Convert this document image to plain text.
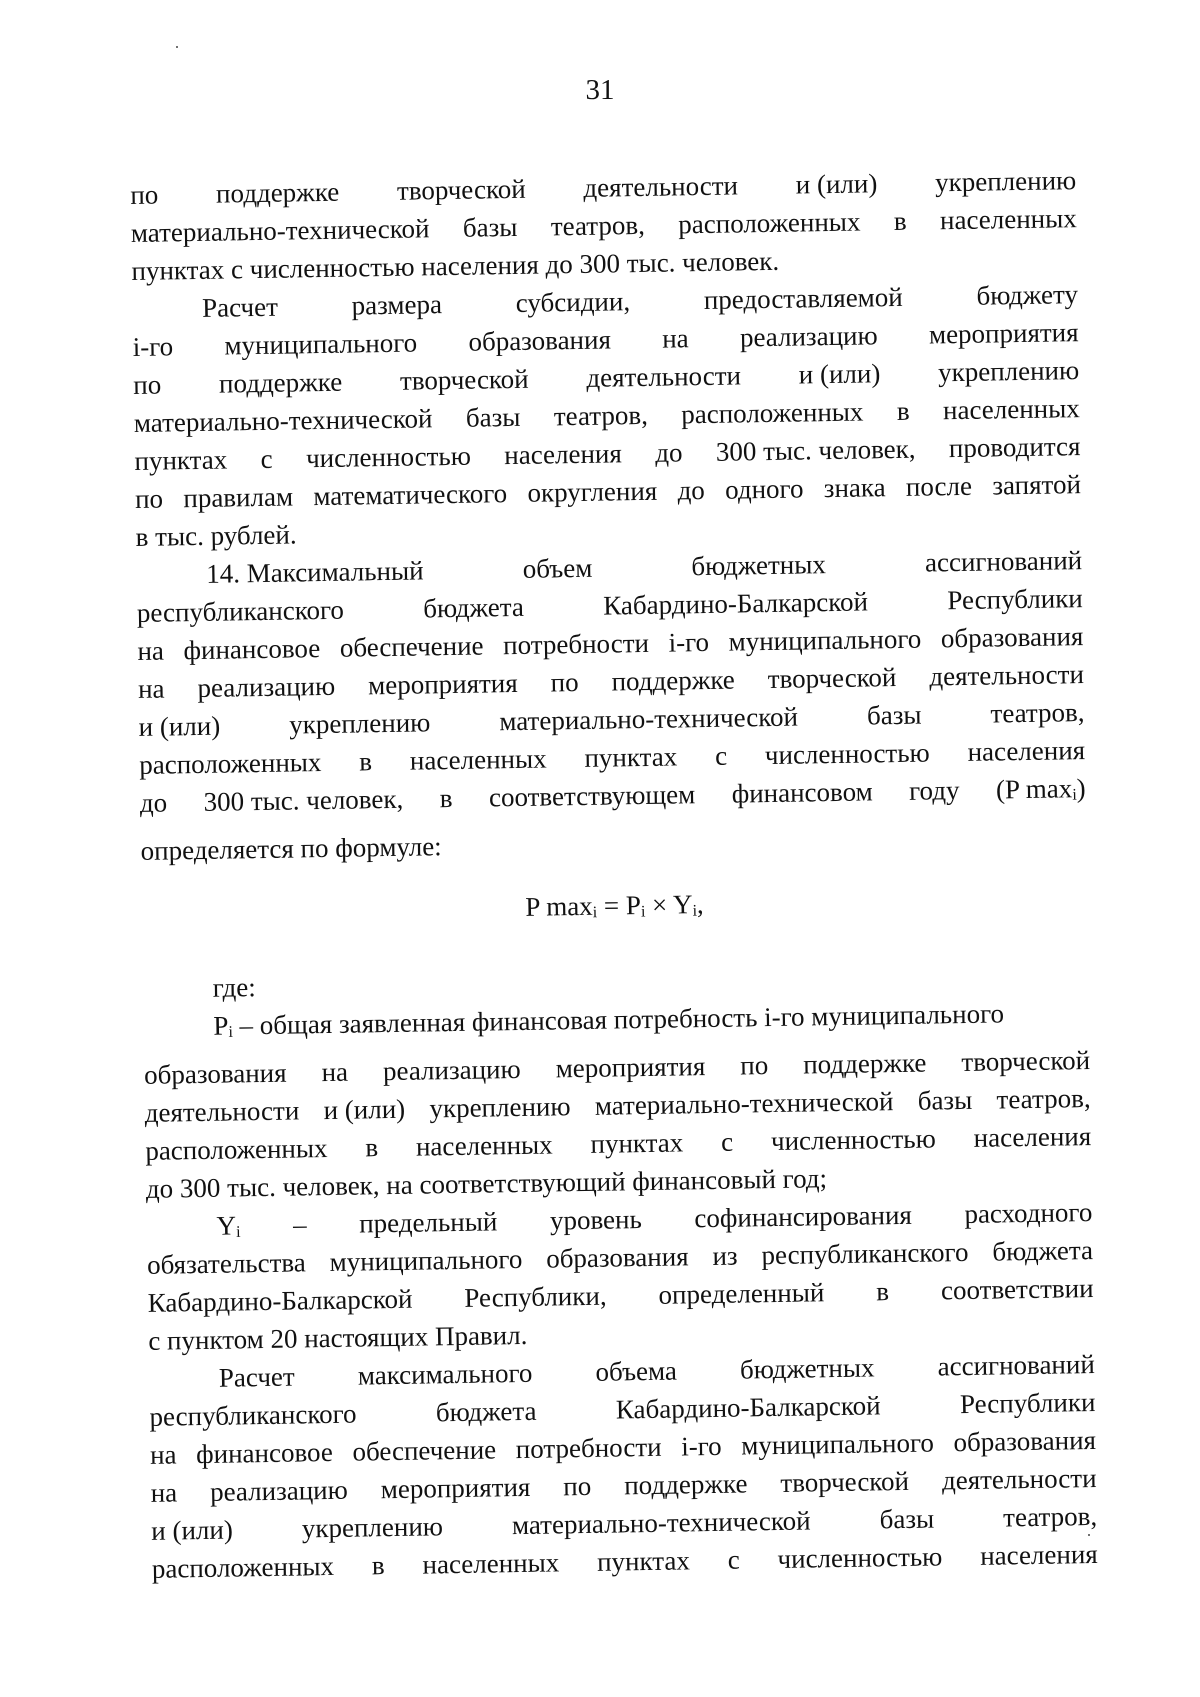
31
по поддержке творческой деятельности и (или) укреплению
материально-технической базы театров, расположенных в населенных
пунктах с численностью населения до 300 тыс. человек.
Расчет	размера	субсидии,	предоставляемой	бюджету
i-го муниципального образования на реализацию мероприятия
по поддержке творческой деятельности и (или) укреплению
материально-технической базы театров, расположенных в населенных
пунктах с численностью населения до 300 тыс. человек, проводится
по правилам математического округления до одного знака после запятой
в тыс. рублей.
14. Максимальный	объем	бюджетных	ассигнований
республиканского	бюджета	Кабардино-Балкарской	Республики
на финансовое обеспечение потребности i-го муниципального образования
на реализацию мероприятия по поддержке творческой деятельности
и (или)	укреплению	материально-технической	базы	театров,
расположенных в населенных пунктах с численностью населения
до 300 тыс. человек, в соответствующем финансовом году (P maxᵢ)
определяется по формуле:
P maxᵢ = Pᵢ × Yᵢ,
где:
Pᵢ – общая заявленная финансовая потребность i-го муниципального
образования на реализацию мероприятия по поддержке творческой
деятельности и (или) укреплению материально-технической базы театров,
расположенных в населенных пунктах с численностью населения
до 300 тыс. человек, на соответствующий финансовый год;
Yᵢ – предельный уровень софинансирования расходного
обязательства муниципального образования из республиканского бюджета
Кабардино-Балкарской Республики, определенный в соответствии
с пунктом 20 настоящих Правил.
Расчет максимального объема бюджетных ассигнований
республиканского	бюджета	Кабардино-Балкарской	Республики
на финансовое обеспечение потребности i-го муниципального образования
на реализацию мероприятия по поддержке творческой деятельности
и (или)	укреплению	материально-технической	базы	театров,
расположенных в населенных пунктах с численностью населения
